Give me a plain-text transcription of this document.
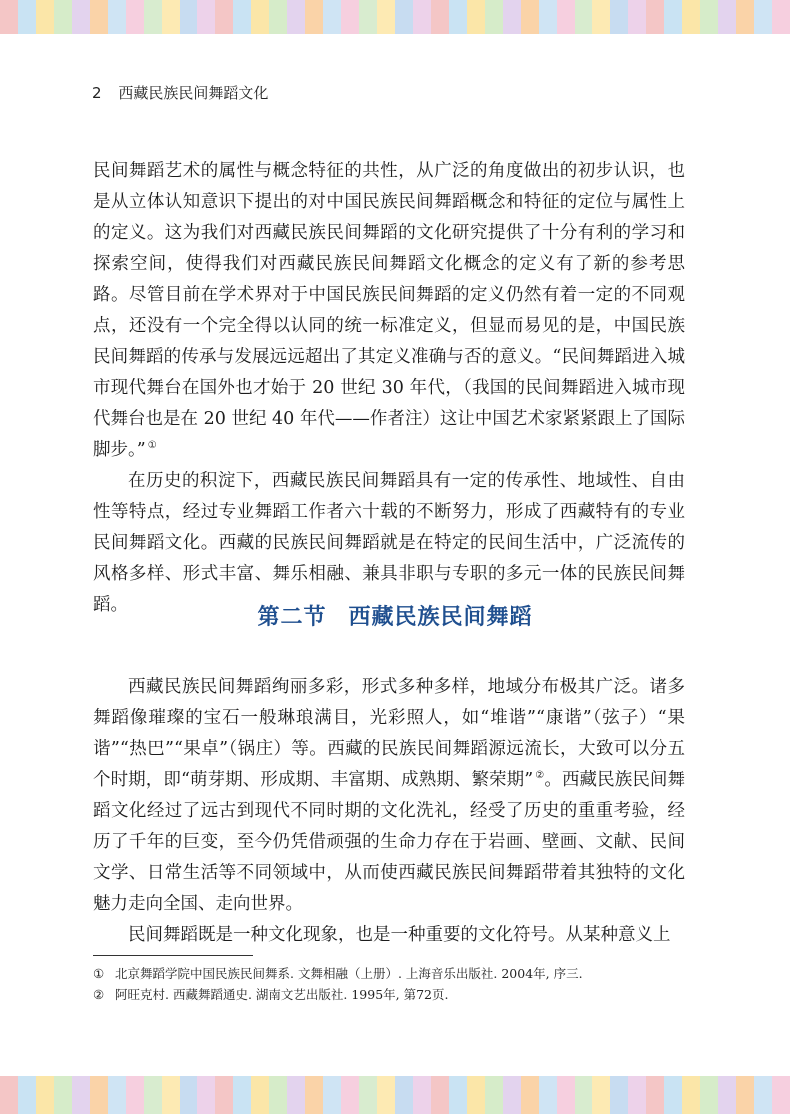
2 西藏民族民间舞蹈文化

民间舞蹈艺术的属性与概念特征的共性，从广泛的角度做出的初步认识，也是从立体认知意识下提出的对中国民族民间舞蹈概念和特征的定位与属性上的定义。这为我们对西藏民族民间舞蹈的文化研究提供了十分有利的学习和探索空间，使得我们对西藏民族民间舞蹈文化概念的定义有了新的参考思路。尽管目前在学术界对于中国民族民间舞蹈的定义仍然有着一定的不同观点，还没有一个完全得以认同的统一标准定义，但显而易见的是，中国民族民间舞蹈的传承与发展远远超出了其定义准确与否的意义。“民间舞蹈进入城市现代舞台在国外也才始于 20 世纪 30 年代，（我国的民间舞蹈进入城市现代舞台也是在 20 世纪 40 年代——作者注）这让中国艺术家紧紧跟上了国际脚步。” ①

在历史的积淀下，西藏民族民间舞蹈具有一定的传承性、地域性、自由性等特点，经过专业舞蹈工作者六十载的不断努力，形成了西藏特有的专业民间舞蹈文化。西藏的民族民间舞蹈就是在特定的民间生活中，广泛流传的风格多样、形式丰富、舞乐相融、兼具非职与专职的多元一体的民族民间舞蹈。	第二节 西藏民族民间舞蹈

西藏民族民间舞蹈绚丽多彩，形式多种多样，地域分布极其广泛。诸多舞蹈像璀璨的宝石一般琳琅满目，光彩照人，如“堆谐”“康谐”（弦子）“果谐”“热巴”“果卓”（锅庄）等。西藏的民族民间舞蹈源远流长，大致可以分五个时期，即“萌芽期、形成期、丰富期、成熟期、繁荣期” ②。西藏民族民间舞蹈文化经过了远古到现代不同时期的文化洗礼，经受了历史的重重考验，经历了千年的巨变，至今仍凭借顽强的生命力存在于岩画、壁画、文献、民间文学、日常生活等不同领域中，从而使西藏民族民间舞蹈带着其独特的文化魅力走向全国、走向世界。

民间舞蹈既是一种文化现象，也是一种重要的文化符号。从某种意义上

① 北京舞蹈学院中国民族民间舞系. 文舞相融（上册）. 上海音乐出版社. 2004年, 序三.
② 阿旺克村. 西藏舞蹈通史. 湖南文艺出版社. 1995年, 第72页.
